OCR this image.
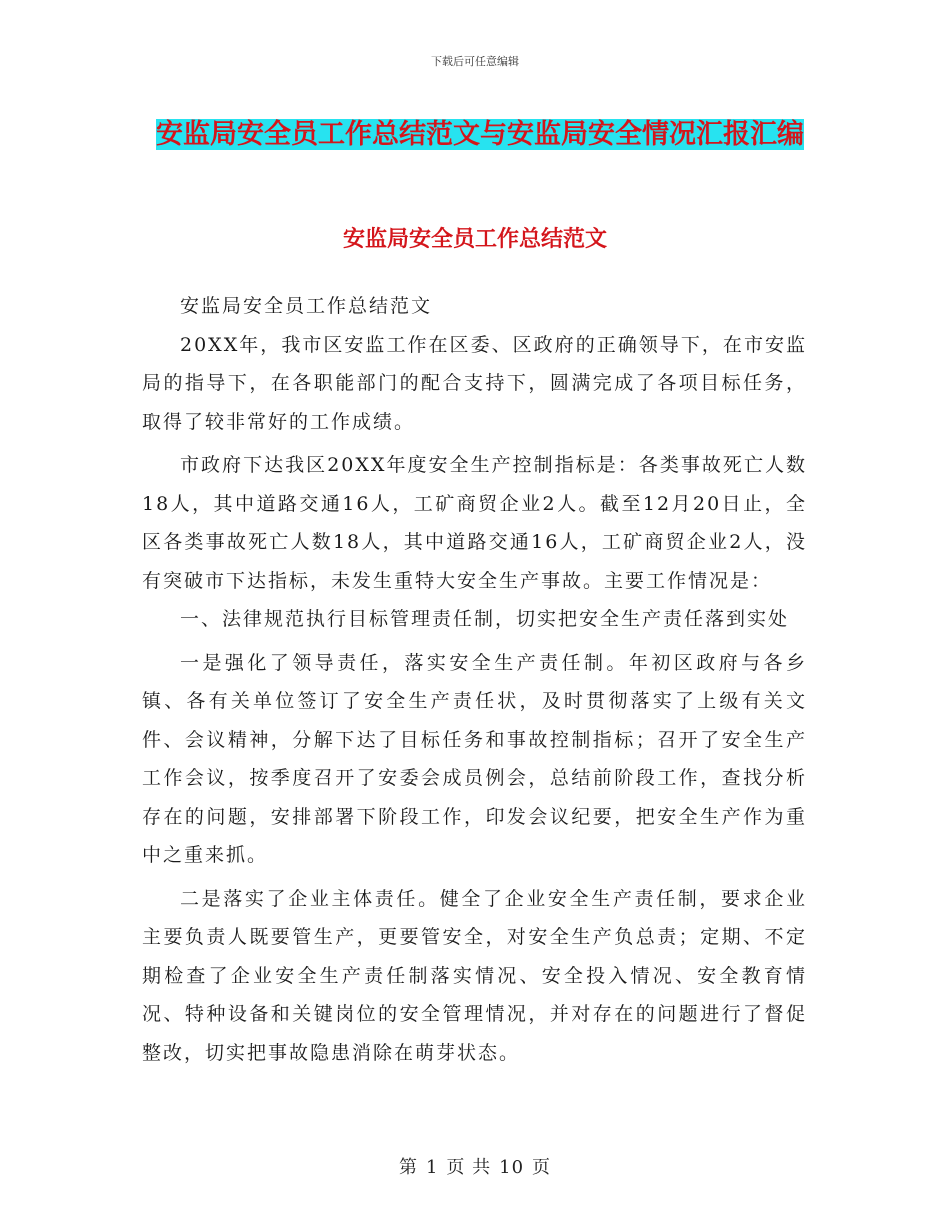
下载后可任意编辑
安监局安全员工作总结范文与安监局安全情况汇报汇编
安监局安全员工作总结范文

安监局安全员工作总结范文

20XX年，我市区安监工作在区委、区政府的正确领导下，在市安监局的指导下，在各职能部门的配合支持下，圆满完成了各项目标任务，取得了较非常好的工作成绩。

市政府下达我区20XX年度安全生产控制指标是：各类事故死亡人数18人，其中道路交通16人，工矿商贸企业2人。截至12月20日止，全区各类事故死亡人数18人，其中道路交通16人，工矿商贸企业2人，没有突破市下达指标，未发生重特大安全生产事故。主要工作情况是：

一、法律规范执行目标管理责任制，切实把安全生产责任落到实处

一是强化了领导责任，落实安全生产责任制。年初区政府与各乡镇、各有关单位签订了安全生产责任状，及时贯彻落实了上级有关文件、会议精神，分解下达了目标任务和事故控制指标；召开了安全生产工作会议，按季度召开了安委会成员例会，总结前阶段工作，查找分析存在的问题，安排部署下阶段工作，印发会议纪要，把安全生产作为重中之重来抓。

二是落实了企业主体责任。健全了企业安全生产责任制，要求企业主要负责人既要管生产，更要管安全，对安全生产负总责；定期、不定期检查了企业安全生产责任制落实情况、安全投入情况、安全教育情况、特种设备和关键岗位的安全管理情况，并对存在的问题进行了督促整改，切实把事故隐患消除在萌芽状态。

第 1 页 共 10 页
